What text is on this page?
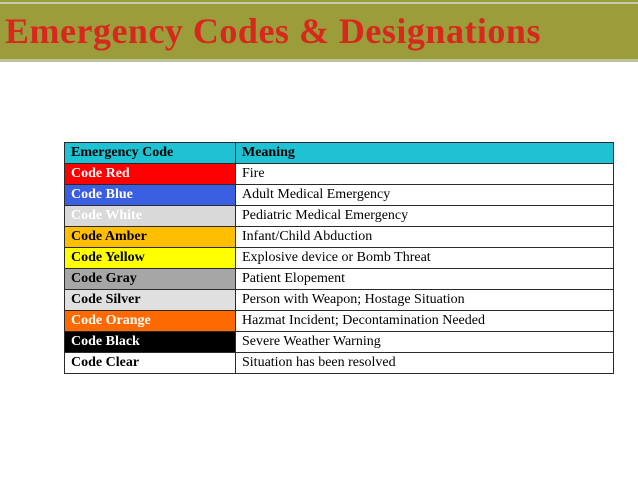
Emergency Codes & Designations
Emergency Code	Meaning
Code Red	Fire
Code Blue	Adult Medical Emergency
Code White	Pediatric Medical Emergency
Code Amber	Infant/Child Abduction
Code Yellow	Explosive device or Bomb Threat
Code Gray	Patient Elopement
Code Silver	Person with Weapon; Hostage Situation
Code Orange	Hazmat Incident; Decontamination Needed
Code Black	Severe Weather Warning
Code Clear	Situation has been resolved
